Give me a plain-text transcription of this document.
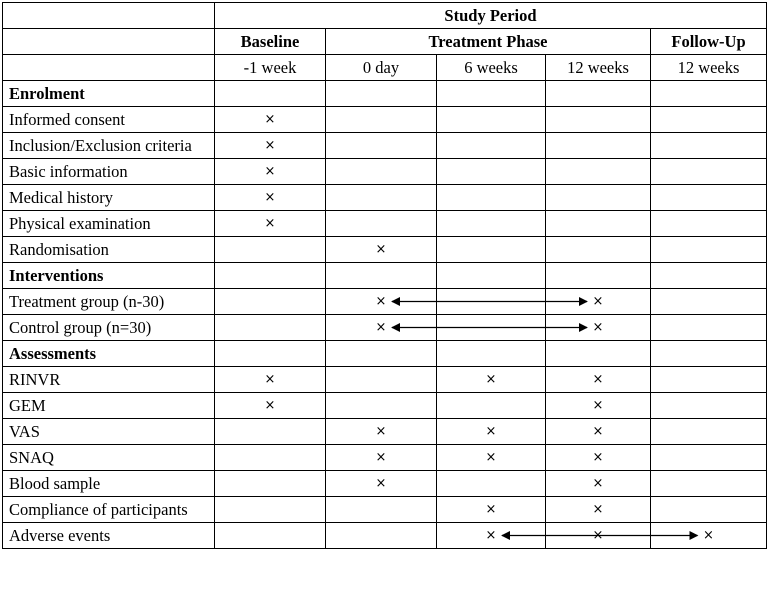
	Study Period				
	Baseline	Treatment Phase			Follow-Up
	-1 week	0 day	6 weeks	12 weeks	12 weeks
Enrolment					
Informed consent	×				
Inclusion/Exclusion criteria	×				
Basic information	×				
Medical history	×				
Physical examination	×				
Randomisation		×			
Interventions					
Treatment group (n-30)		×		×	
Control group (n=30)		×		×	
Assessments					
RINVR	×		×	×	
GEM	×			×	
VAS		×	×	×	
SNAQ		×	×	×	
Blood sample		×		×	
Compliance of participants			×	×	
Adverse events			×	×	×
